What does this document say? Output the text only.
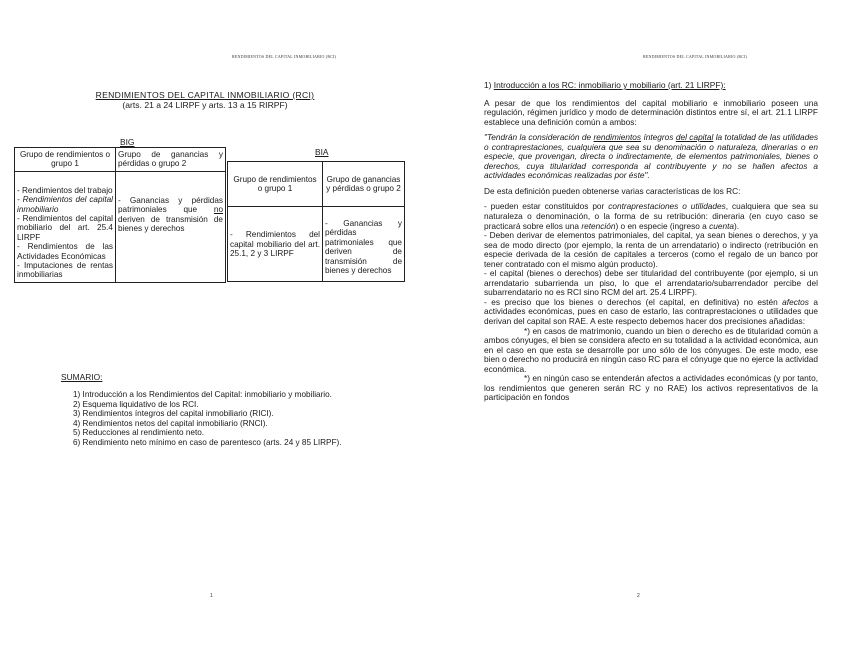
RENDIMIENTOS DEL CAPITAL INMOBILIARIO (RCI)
RENDIMIENTOS DEL CAPITAL INMOBILIARIO (RCI)
(arts. 21 a 24 LIRPF y arts. 13 a 15 RIRPF)
BIG
Grupo de rendimientos o grupo 1	Grupo de ganancias y pérdidas o grupo 2

- Rendimientos del trabajo
- Rendimientos del capital inmobiliario
- Rendimientos del capital mobiliario del art. 25.4 LIRPF
- Rendimientos de las Actividades Económicas
- Imputaciones de rentas inmobiliarias	- Ganancias y pérdidas patrimoniales que no deriven de transmisión de bienes y derechos
BIA
Grupo de rendimientos o grupo 1	Grupo de ganancias y pérdidas o grupo 2
- Rendimientos del capital mobiliario del art. 25.1, 2 y 3 LIRPF	- Ganancias y pérdidas patrimoniales que deriven de transmisión de bienes y derechos
SUMARIO:
1) Introducción a los Rendimientos del Capital: inmobiliario y mobiliario.
2) Esquema liquidativo de los RCI.
3) Rendimientos íntegros del capital inmobiliario (RICI).
4) Rendimientos netos del capital inmobiliario (RNCI).
5) Reducciones al rendimiento neto.
6) Rendimiento neto mínimo en caso de parentesco (arts. 24 y 85 LIRPF).
1
RENDIMIENTOS DEL CAPITAL INMOBILIARIO (RCI)

1) Introducción a los RC: inmobiliario y mobiliario (art. 21 LIRPF):

A pesar de que los rendimientos del capital mobiliario e inmobiliario poseen una regulación, régimen jurídico y modo de determinación distintos entre sí, el art. 21.1 LIRPF establece una definición común a ambos:

"Tendrán la consideración de rendimientos íntegros del capital la totalidad de las utilidades o contraprestaciones, cualquiera que sea su denominación o naturaleza, dinerarias o en especie, que provengan, directa o indirectamente, de elementos patrimoniales, bienes o derechos, cuya titularidad corresponda al contribuyente y no se hallen afectos a actividades económicas realizadas por éste".

De esta definición pueden obtenerse varias características de los RC:

- pueden estar constituidos por contraprestaciones o utilidades, cualquiera que sea su naturaleza o denominación, o la forma de su retribución: dineraria (en cuyo caso se practicará sobre ellos una retención) o en especie (ingreso a cuenta).

- Deben derivar de elementos patrimoniales, del capital, ya sean bienes o derechos, y ya sea de modo directo (por ejemplo, la renta de un arrendatario) o indirecto (retribución en especie derivada de la cesión de capitales a terceros (como el regalo de un banco por tener contratado con el mismo algún producto).

- el capital (bienes o derechos) debe ser titularidad del contribuyente (por ejemplo, si un arrendatario subarrienda un piso, lo que el arrendatario/subarrendador percibe del subarrendatario no es RCI sino RCM del art. 25.4 LIRPF).

- es preciso que los bienes o derechos (el capital, en definitiva) no estén afectos a actividades económicas, pues en caso de estarlo, las contraprestaciones o utilidades que derivan del capital son RAE. A este respecto debemos hacer dos precisiones añadidas:

*) en casos de matrimonio, cuando un bien o derecho es de titularidad común a ambos cónyuges, el bien se considera afecto en su totalidad a la actividad económica, aun en el caso en que esta se desarrolle por uno sólo de los cónyuges. De este modo, ese bien o derecho no producirá en ningún caso RC para el cónyuge que no ejerce la actividad económica.

*) en ningún caso se entenderán afectos a actividades económicas (y por tanto, los rendimientos que generen serán RC y no RAE) los activos representativos de la participación en fondos

2
